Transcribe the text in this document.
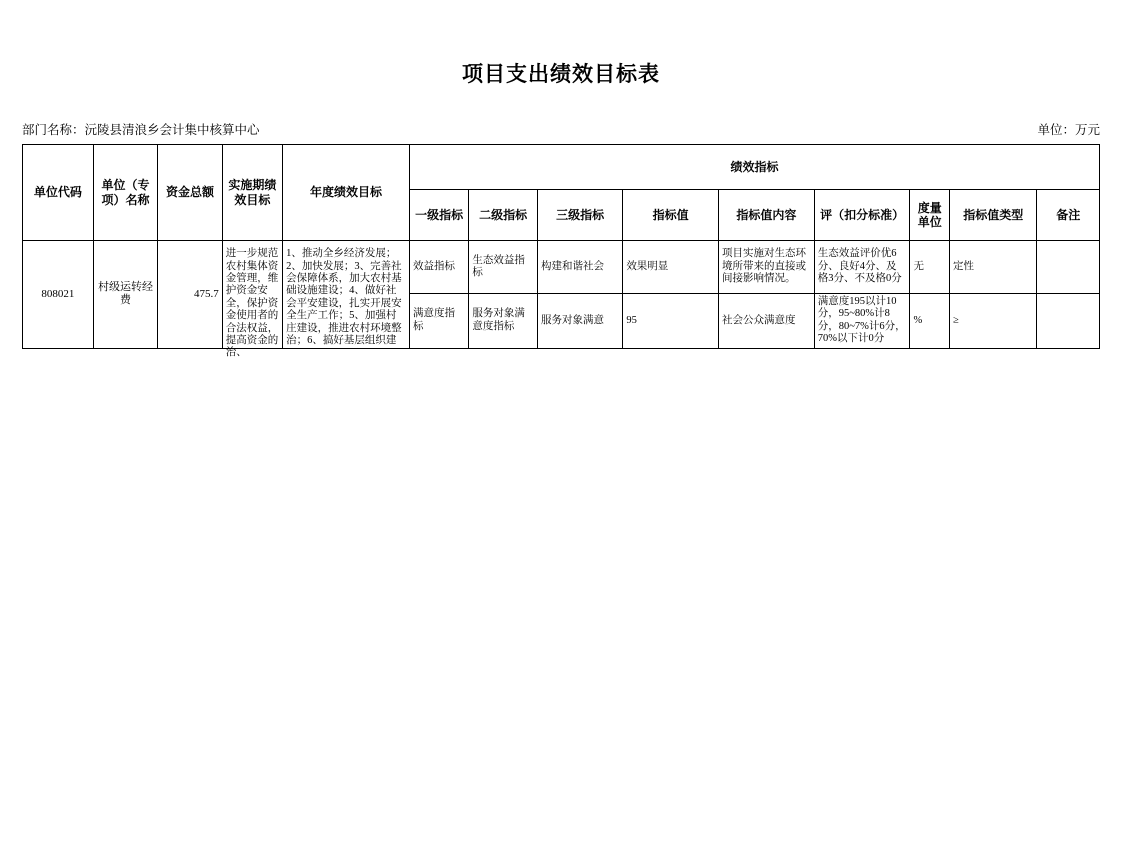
项目支出绩效目标表
部门名称：沅陵县清浪乡会计集中核算中心	单位：万元
单位代码	单位（专项）名称	资金总额	实施期绩效目标	年度绩效目标	绩效指标								
					一级指标	二级指标	三级指标	指标值	指标值内容	评（扣分标准）	度量单位	指标值类型	备注
808021	村级运转经费	475.7	进一步规范农村集体资金管理，维护资金安全，保护资金使用者的合法权益，提高资金的治、	1、推动全乡经济发展；2、加快发展；3、完善社会保障体系，加大农村基础设施建设；4、做好社会平安建设，扎实开展安全生产工作；5、加强村庄建设，推进农村环境整治；6、搞好基层组织建	效益指标	生态效益指标	构建和谐社会	效果明显	项目实施对生态环境所带来的直接或间接影响情况。	生态效益评价优6分、良好4分、及格3分、不及格0分	无	定性	
					满意度指标	服务对象满意度指标	服务对象满意	95	社会公众满意度	满意度195以计10分，95~80%计8分，80~7%计6分，70%以下计0分	%	≥	
